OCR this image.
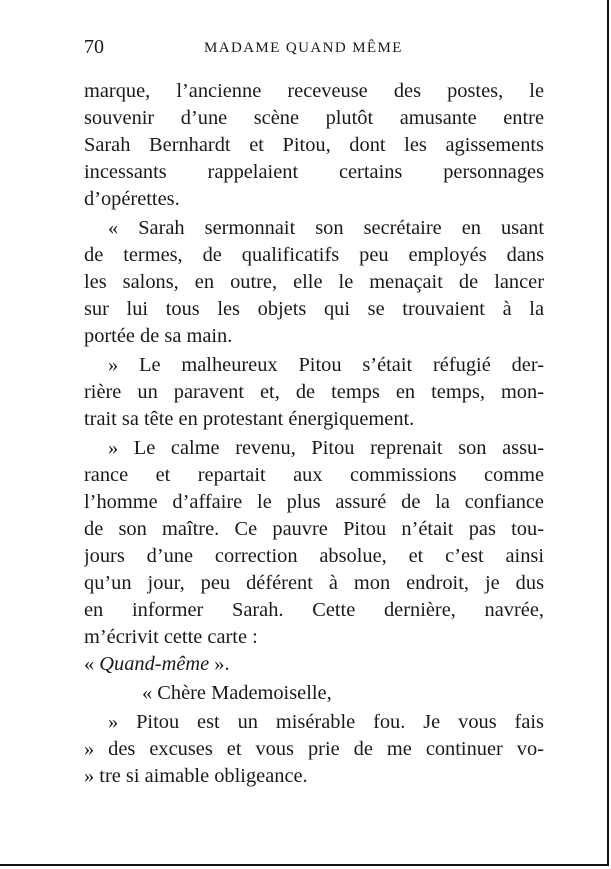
70	MADAME QUAND MÊME
marque, l’ancienne receveuse des postes, le
souvenir d’une scène plutôt amusante entre
Sarah Bernhardt et Pitou, dont les agissements
incessants rappelaient certains personnages
d’opérettes.
« Sarah sermonnait son secrétaire en usant
de termes, de qualificatifs peu employés dans
les salons, en outre, elle le menaçait de lancer
sur lui tous les objets qui se trouvaient à la
portée de sa main.
» Le malheureux Pitou s’était réfugié der-
rière un paravent et, de temps en temps, mon-
trait sa tête en protestant énergiquement.
» Le calme revenu, Pitou reprenait son assu-
rance et repartait aux commissions comme
l’homme d’affaire le plus assuré de la confiance
de son maître. Ce pauvre Pitou n’était pas tou-
jours d’une correction absolue, et c’est ainsi
qu’un jour, peu déférent à mon endroit, je dus
en informer Sarah. Cette dernière, navrée,
m’écrivit cette carte :
« Quand-même ».
« Chère Mademoiselle,
» Pitou est un misérable fou. Je vous fais
» des excuses et vous prie de me continuer vo-
» tre si aimable obligeance.
